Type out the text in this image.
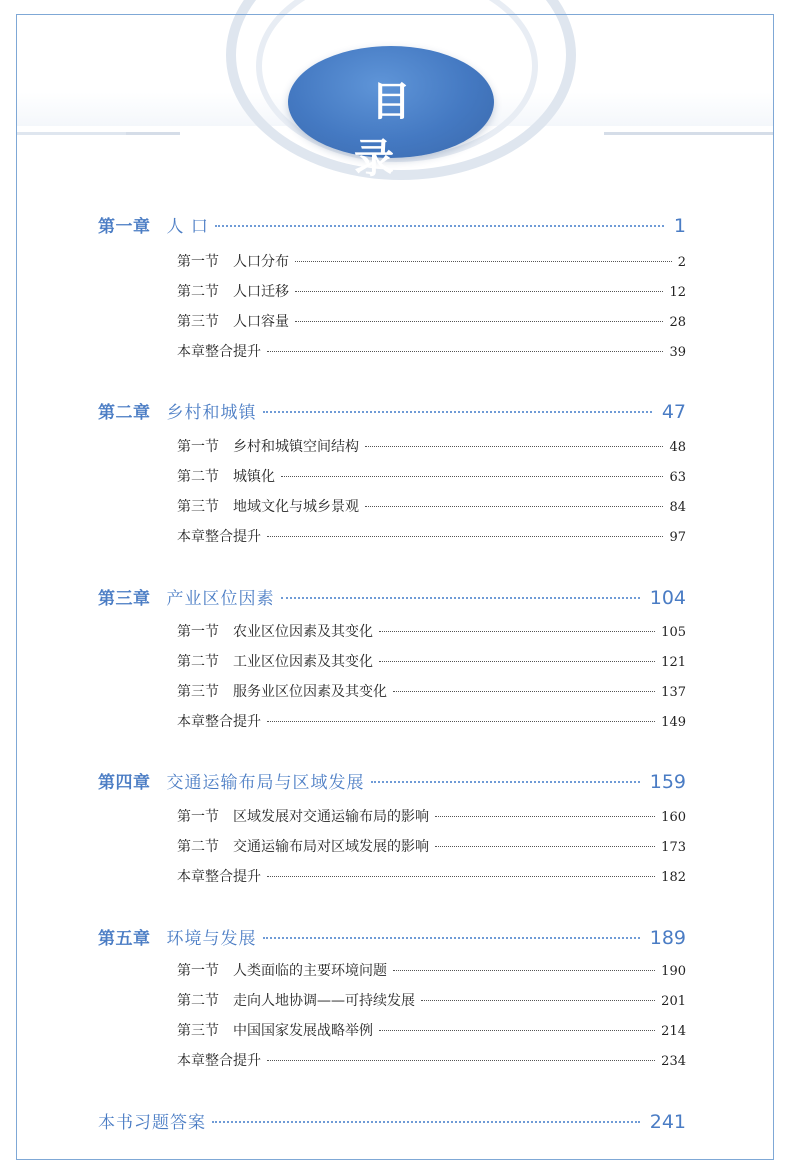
目 录
第一章 人 口	1
第一节 人口分布	2
第二节 人口迁移	12
第三节 人口容量	28
本章整合提升	39
第二章 乡村和城镇	47
第一节 乡村和城镇空间结构	48
第二节 城镇化	63
第三节 地域文化与城乡景观	84
本章整合提升	97
第三章 产业区位因素	104
第一节 农业区位因素及其变化	105
第二节 工业区位因素及其变化	121
第三节 服务业区位因素及其变化	137
本章整合提升	149
第四章 交通运输布局与区域发展	159
第一节 区域发展对交通运输布局的影响	160
第二节 交通运输布局对区域发展的影响	173
本章整合提升	182
第五章 环境与发展	189
第一节 人类面临的主要环境问题	190
第二节 走向人地协调——可持续发展	201
第三节 中国国家发展战略举例	214
本章整合提升	234
本书习题答案	241
